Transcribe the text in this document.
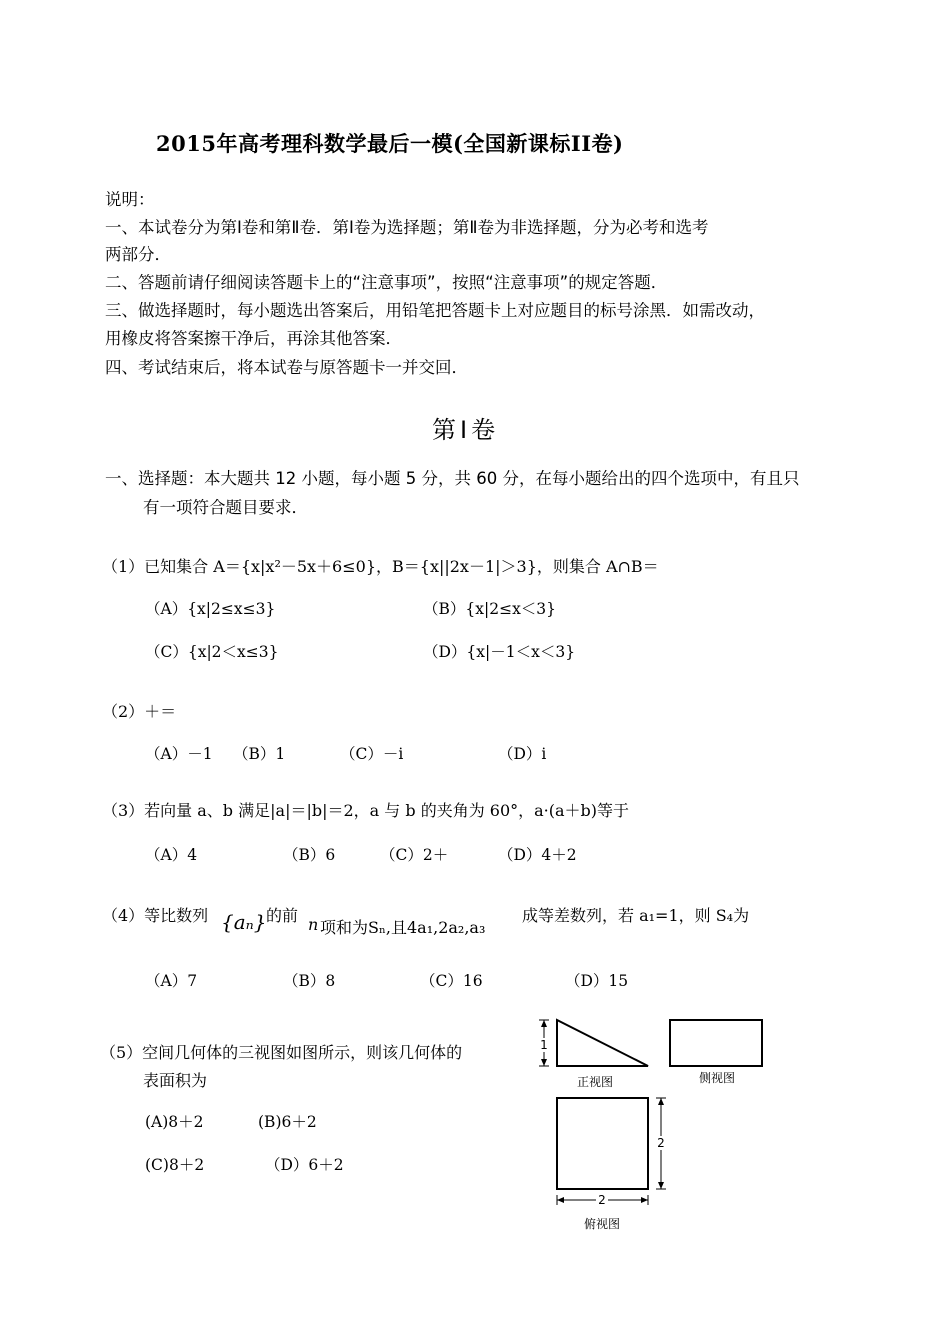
2015年高考理科数学最后一模(全国新课标II卷)
说明：
一、本试卷分为第Ⅰ卷和第Ⅱ卷．第Ⅰ卷为选择题；第Ⅱ卷为非选择题，分为必考和选考
两部分．
二、答题前请仔细阅读答题卡上的“注意事项”，按照“注意事项”的规定答题．
三、做选择题时，每小题选出答案后，用铅笔把答题卡上对应题目的标号涂黑．如需改动，
用橡皮将答案擦干净后，再涂其他答案．
四、考试结束后，将本试卷与原答题卡一并交回．
第Ⅰ卷
一、选择题：本大题共 12 小题，每小题 5 分，共 60 分，在每小题给出的四个选项中，有且只
有一项符合题目要求．
（1）已知集合 A＝{x|x²－5x＋6≤0}，B＝{x||2x－1|＞3}，则集合 A∩B＝
（A）{x|2≤x≤3}	（B）{x|2≤x＜3}
（C）{x|2＜x≤3}	（D）{x|－1＜x＜3}
（2）＋＝
（A）－1 （B）1	（C）－i	（D）i
（3）若向量 a、b 满足|a|＝|b|＝2，a 与 b 的夹角为 60°，a·(a＋b)等于
（A）4	（B）6	（C）2＋	（D）4＋2
（4）等比数列 {aₙ} 的前 n 项和为Sₙ,且4a₁,2a₂,a₃
成等差数列，若 a₁=1，则 S₄为
（A）7	（B）8	（C）16	（D）15
（5）空间几何体的三视图如图所示，则该几何体的
表面积为
(A)8＋2	(B)6＋2
(C)8＋2	（D）6＋2
1
正视图	侧视图
2
2
俯视图
